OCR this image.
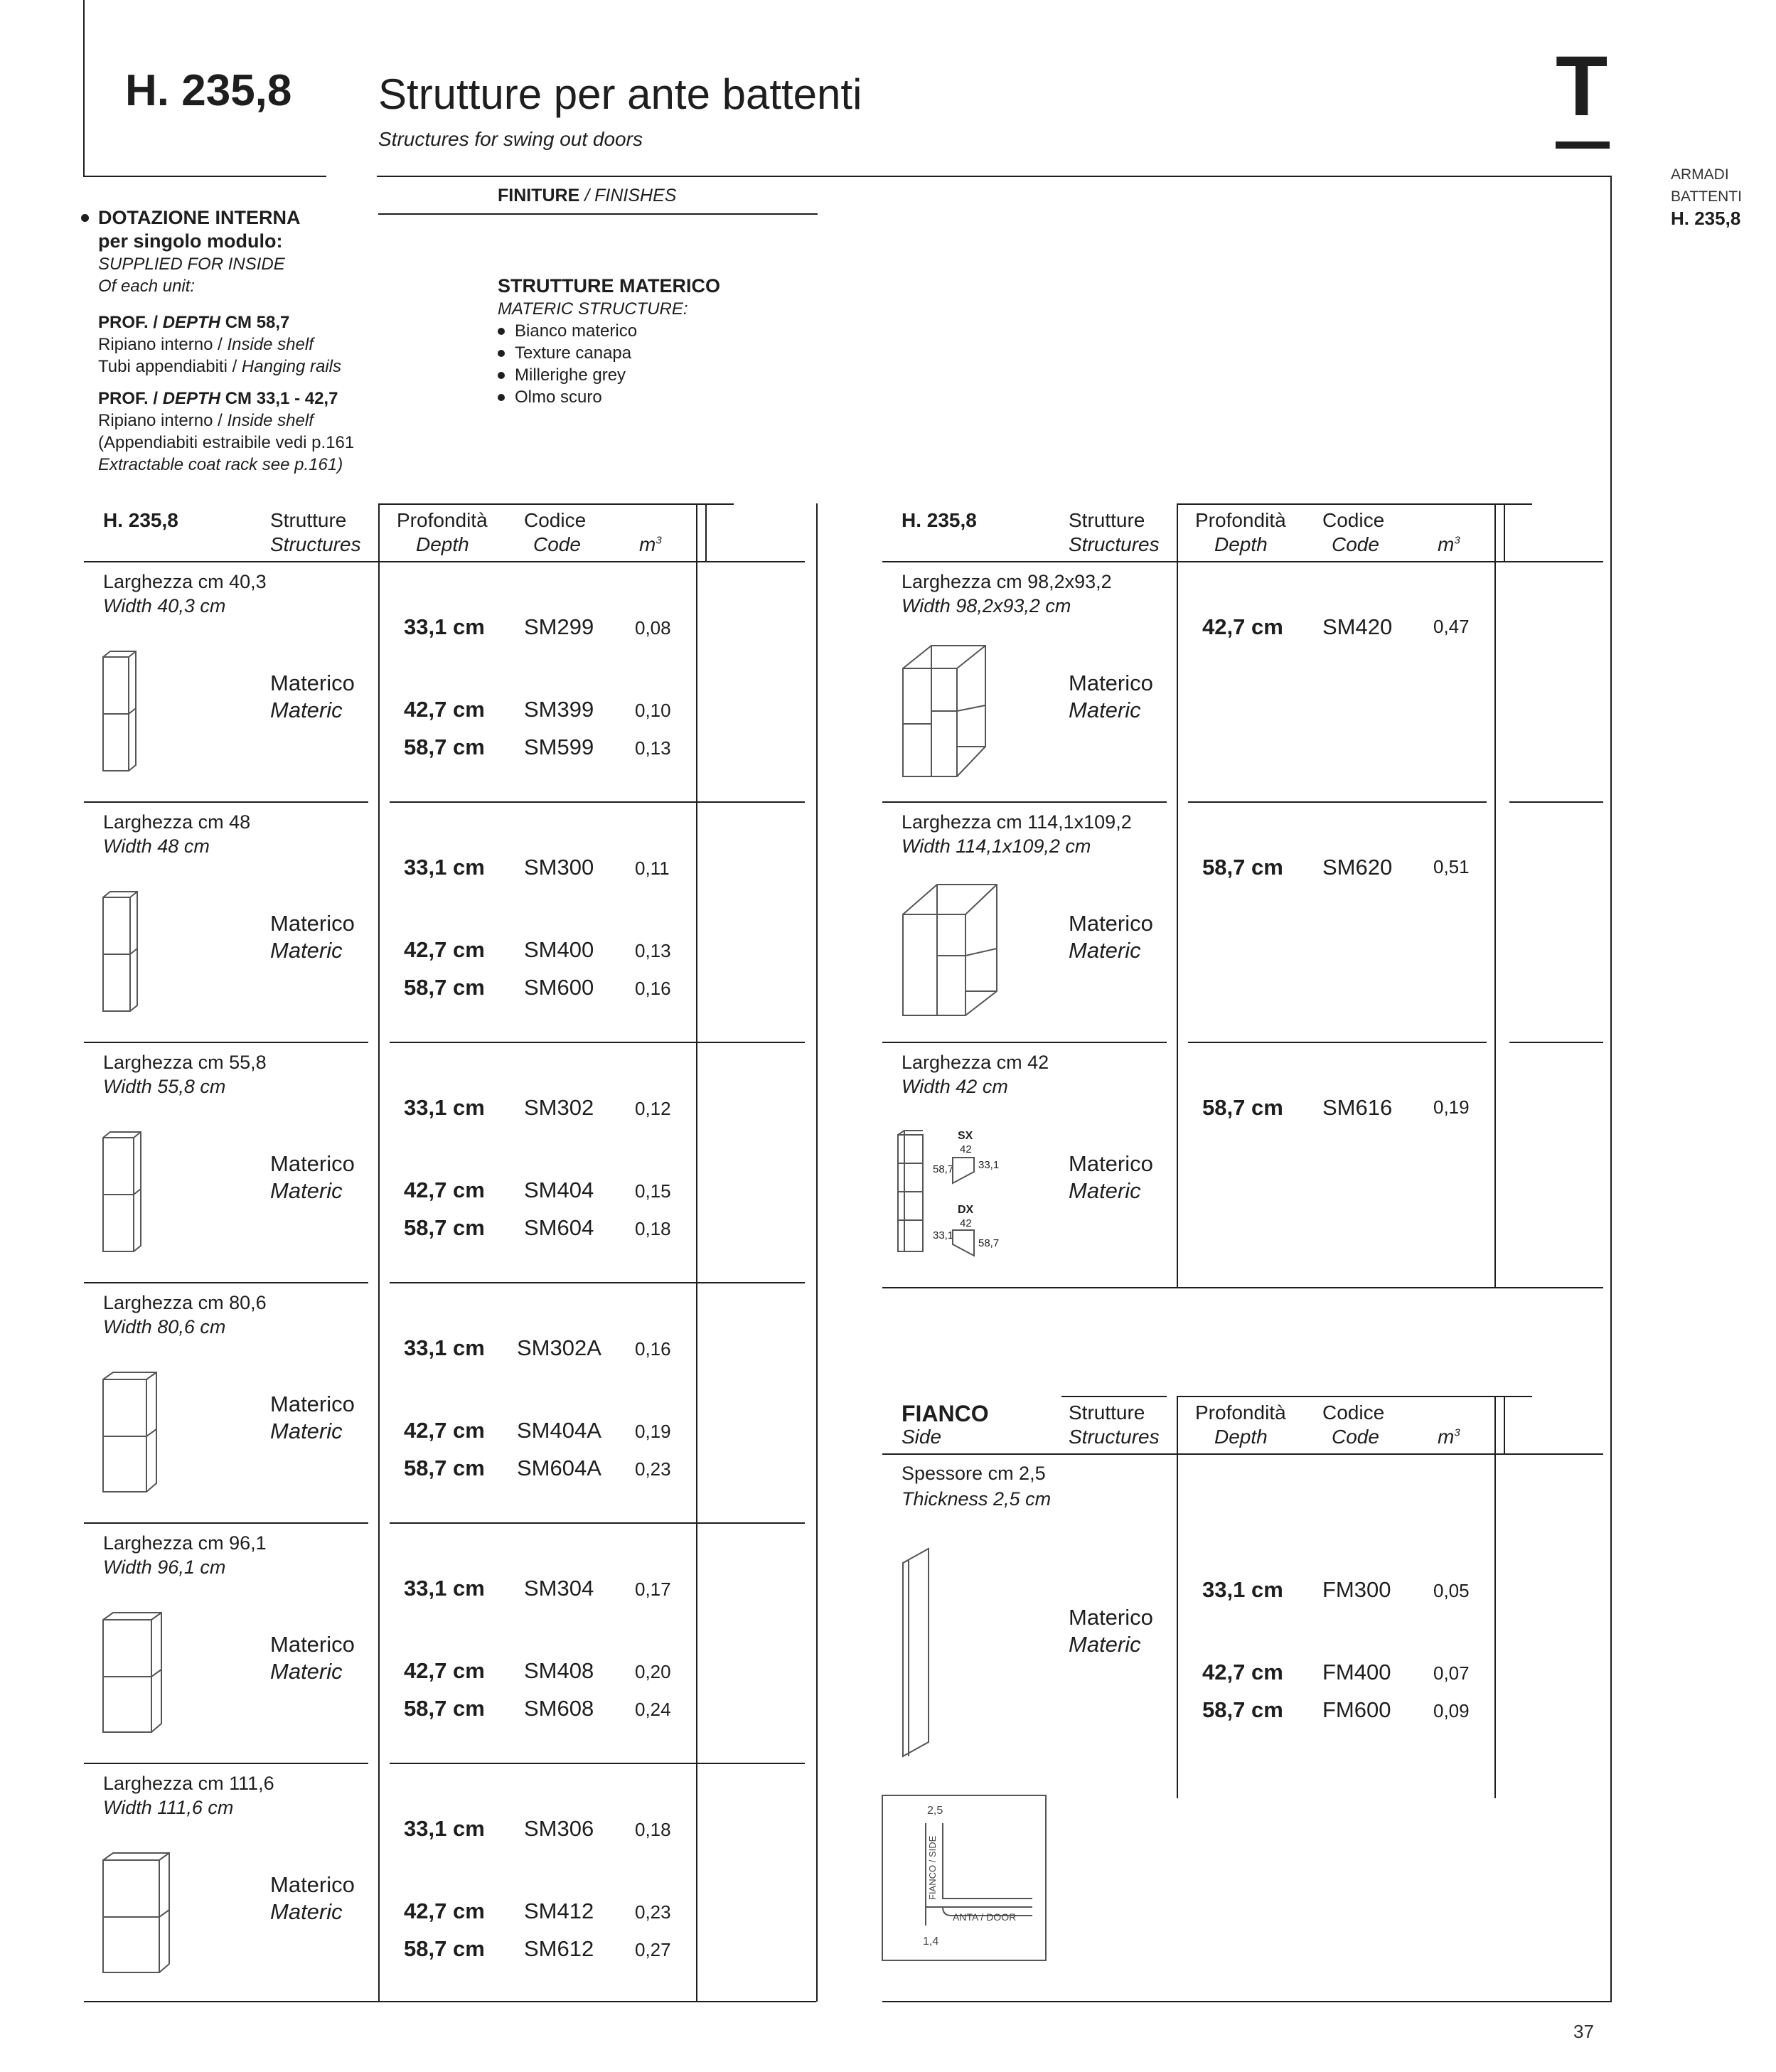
H. 235,8 Strutture per ante battenti
Structures for swing out doors
T
ARMADI
BATTENTI
H. 235,8
DOTAZIONE INTERNA
per singolo modulo:
SUPPLIED FOR INSIDE
Of each unit:
PROF. / DEPTH CM 58,7
Ripiano interno / Inside shelf
Tubi appendiabiti / Hanging rails
PROF. / DEPTH CM 33,1 - 42,7
Ripiano interno / Inside shelf
(Appendiabiti estraibile vedi p.161
Extractable coat rack see p.161)
FINITURE / FINISHES
STRUTTURE MATERICO
MATERIC STRUCTURE:
Bianco materico
Texture canapa
Millerighe grey
Olmo scuro
H. 235,8	Strutture
Structures
Profondità
Depth
Codice
Code	$m^3$
Larghezza cm 40,3
Width 40,3 cm
Materico
Materic
33,1 cm SM299 0,08
42,7 cm SM399 0,10
58,7 cm SM599 0,13
Larghezza cm 48
Width 48 cm
Materico
Materic
33,1 cm SM300 0,11
42,7 cm SM400 0,13
58,7 cm SM600 0,16
Larghezza cm 55,8
Width 55,8 cm
Materico
Materic
33,1 cm SM302 0,12
42,7 cm SM404 0,15
58,7 cm SM604 0,18
Larghezza cm 80,6
Width 80,6 cm
Materico
Materic
33,1 cm SM302A 0,16
42,7 cm SM404A 0,19
58,7 cm SM604A 0,23
Larghezza cm 96,1
Width 96,1 cm
Materico
Materic
33,1 cm SM304 0,17
42,7 cm SM408 0,20
58,7 cm SM608 0,24
Larghezza cm 111,6
Width 111,6 cm
Materico
Materic
33,1 cm SM306 0,18
42,7 cm SM412 0,23
58,7 cm SM612 0,27
H. 235,8	Strutture
Structures
Profondità
Depth
Codice
Code	$m^3$
Larghezza cm 98,2x93,2
Width 98,2x93,2 cm
Materico
Materic
42,7 cm SM420 0,47
Larghezza cm 114,1x109,2
Width 114,1x109,2 cm
Materico
Materic
58,7 cm SM620 0,51
Larghezza cm 42
Width 42 cm
SX
42
58,7 33,1
DX
42
33,1
58,7
Materico
Materic
58,7 cm SM616 0,19
FIANCO
Side
Strutture
Structures
Profondità
Depth
Codice
Code	$m^3$
Spessore cm 2,5
Thickness 2,5 cm
Materico
Materic
33,1 cm FM300 0,05
42,7 cm FM400 0,07
58,7 cm FM600 0,09
2,5
FIANCO / SIDE
ANTA / DOOR
1,4
37
